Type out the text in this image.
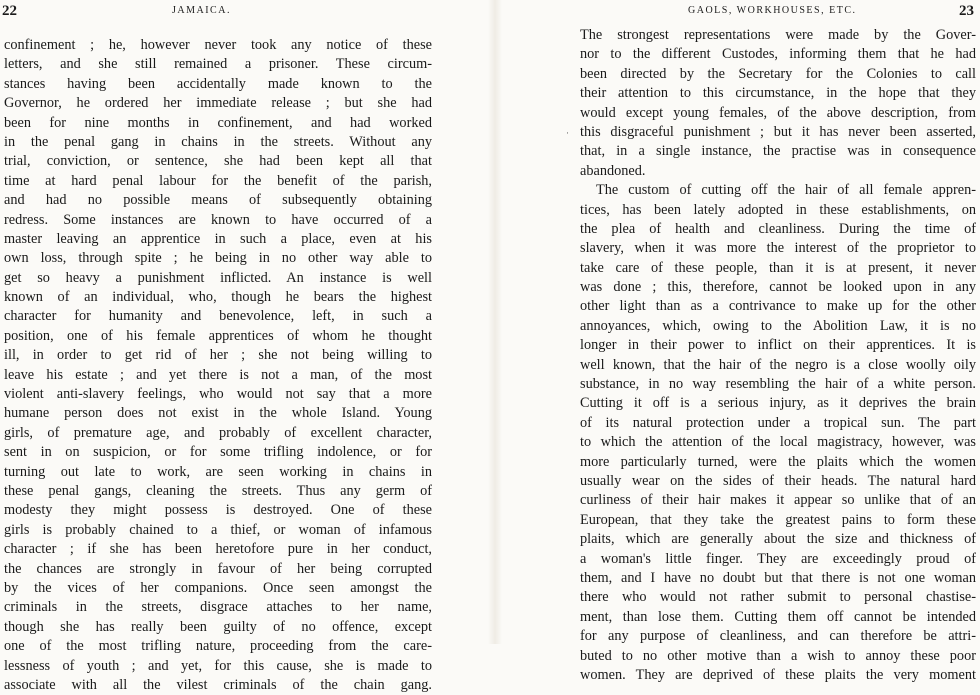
22	JAMAICA.
confinement ; he, however never took any notice of these
letters, and she still remained a prisoner. These circum-
stances having been accidentally made known to the
Governor, he ordered her immediate release ; but she had
been for nine months in confinement, and had worked
in the penal gang in chains in the streets. Without any
trial, conviction, or sentence, she had been kept all that
time at hard penal labour for the benefit of the parish,
and had no possible means of subsequently obtaining
redress. Some instances are known to have occurred of a
master leaving an apprentice in such a place, even at his
own loss, through spite ; he being in no other way able to
get so heavy a punishment inflicted. An instance is well
known of an individual, who, though he bears the highest
character for humanity and benevolence, left, in such a
position, one of his female apprentices of whom he thought
ill, in order to get rid of her ; she not being willing to
leave his estate ; and yet there is not a man, of the most
violent anti-slavery feelings, who would not say that a more
humane person does not exist in the whole Island. Young
girls, of premature age, and probably of excellent character,
sent in on suspicion, or for some trifling indolence, or for
turning out late to work, are seen working in chains in
these penal gangs, cleaning the streets. Thus any germ of
modesty they might possess is destroyed. One of these
girls is probably chained to a thief, or woman of infamous
character ; if she has been heretofore pure in her conduct,
the chances are strongly in favour of her being corrupted
by the vices of her companions. Once seen amongst the
criminals in the streets, disgrace attaches to her name,
though she has really been guilty of no offence, except
one of the most trifling nature, proceeding from the care-
lessness of youth ; and yet, for this cause, she is made to
associate with all the vilest criminals of the chain gang.
·
23
GAOLS, WORKHOUSES, ETC.
The strongest representations were made by the Gover-
nor to the different Custodes, informing them that he had
been directed by the Secretary for the Colonies to call
their attention to this circumstance, in the hope that they
would except young females, of the above description, from
this disgraceful punishment ; but it has never been asserted,
that, in a single instance, the practise was in consequence
abandoned.
The custom of cutting off the hair of all female appren-
tices, has been lately adopted in these establishments, on
the plea of health and cleanliness. During the time of
slavery, when it was more the interest of the proprietor to
take care of these people, than it is at present, it never
was done ; this, therefore, cannot be looked upon in any
other light than as a contrivance to make up for the other
annoyances, which, owing to the Abolition Law, it is no
longer in their power to inflict on their apprentices. It is
well known, that the hair of the negro is a close woolly oily
substance, in no way resembling the hair of a white person.
Cutting it off is a serious injury, as it deprives the brain
of its natural protection under a tropical sun. The part
to which the attention of the local magistracy, however, was
more particularly turned, were the plaits which the women
usually wear on the sides of their heads. The natural hard
curliness of their hair makes it appear so unlike that of an
European, that they take the greatest pains to form these
plaits, which are generally about the size and thickness of
a woman's little finger. They are exceedingly proud of
them, and I have no doubt but that there is not one woman
there who would not rather submit to personal chastise-
ment, than lose them. Cutting them off cannot be intended
for any purpose of cleanliness, and can therefore be attri-
buted to no other motive than a wish to annoy these poor
women. They are deprived of these plaits the very moment
